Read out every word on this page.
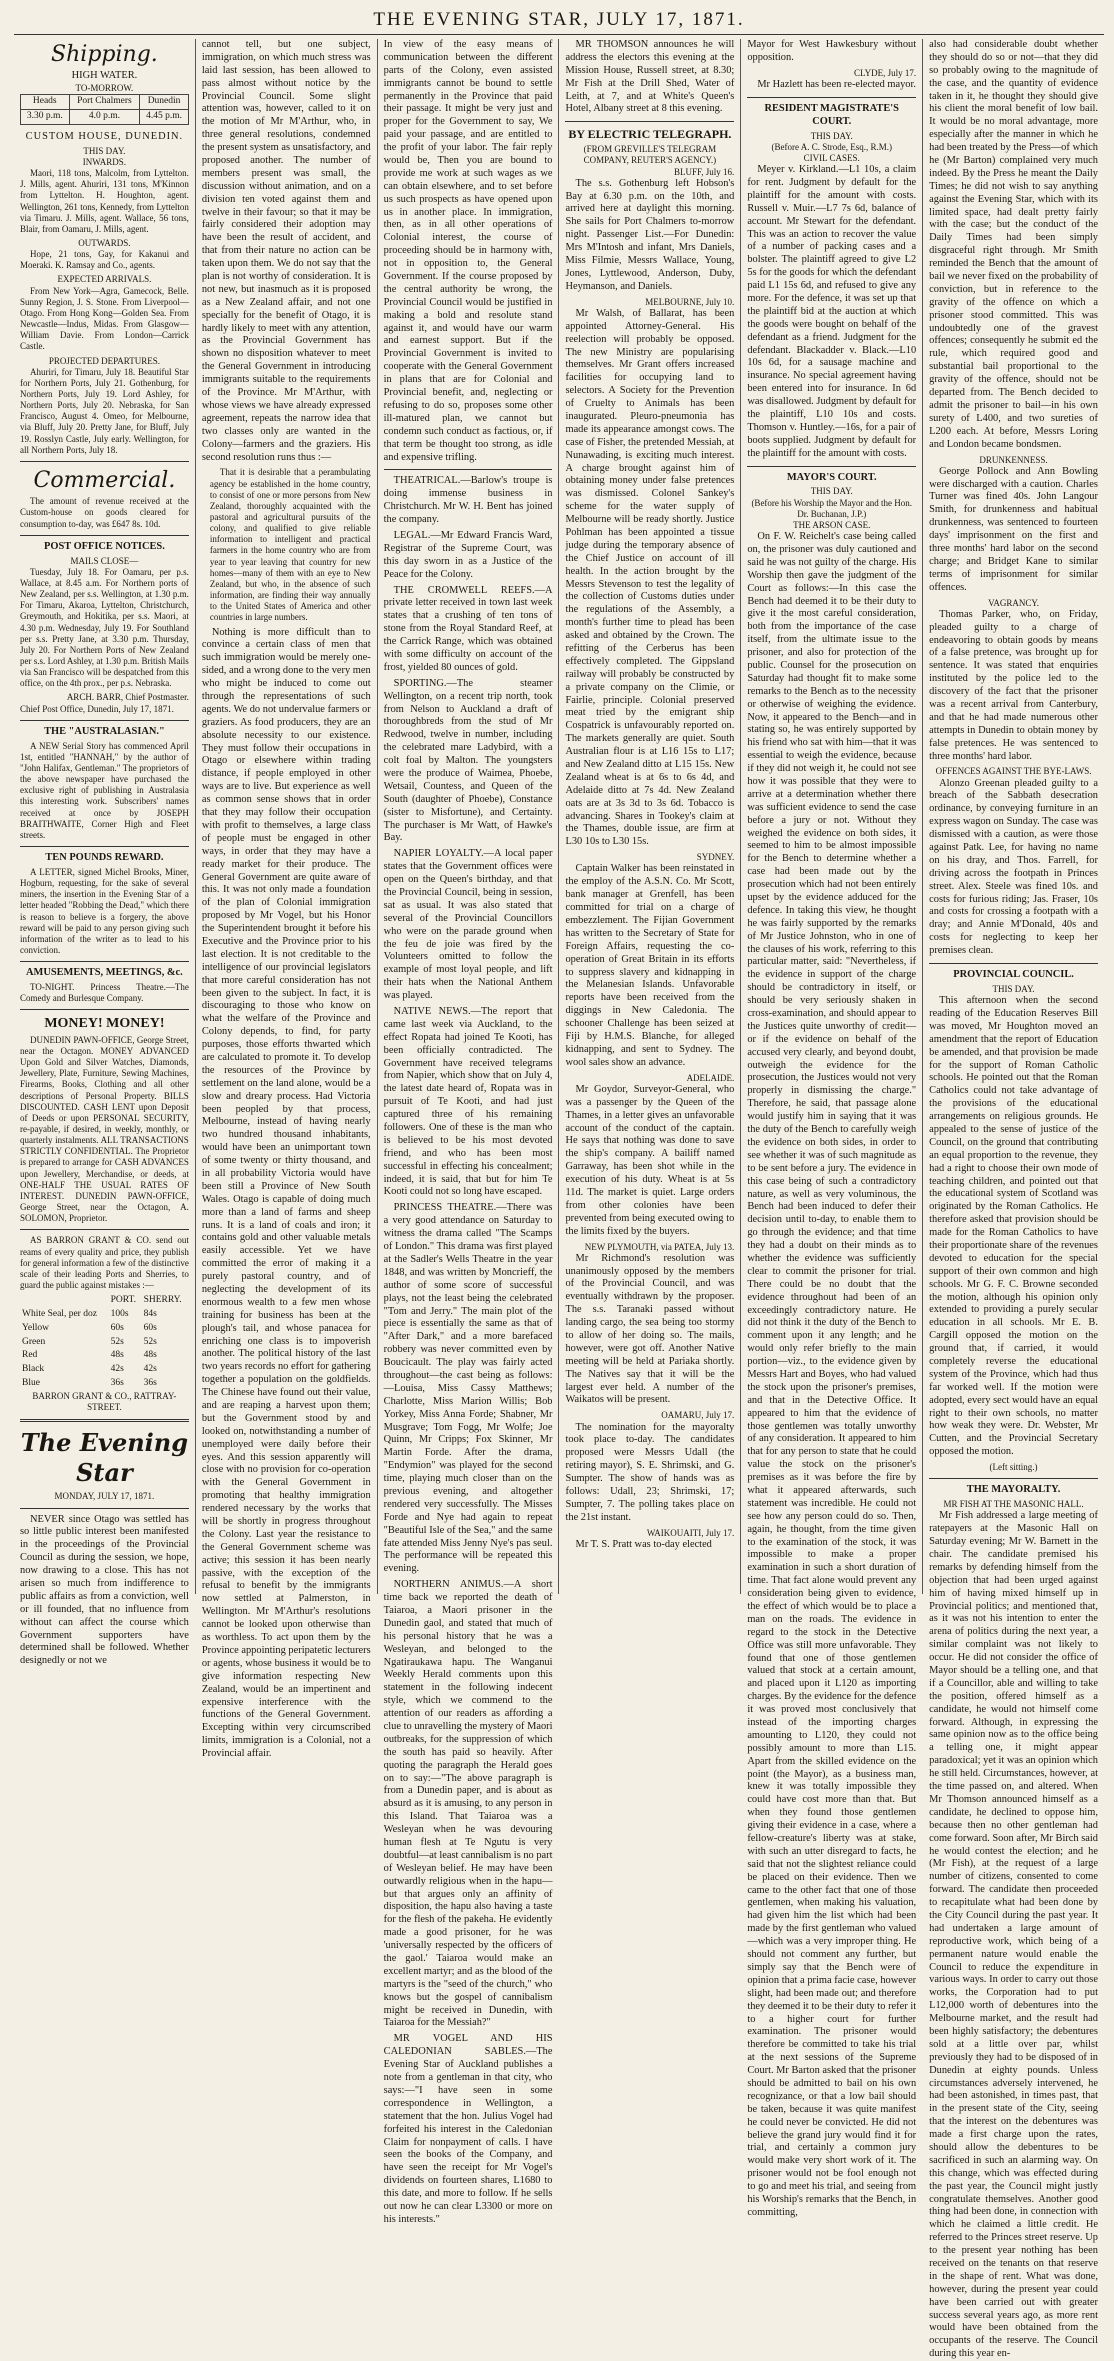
THE EVENING STAR, JULY 17, 1871.
Shipping.
HIGH WATER.
TO-MORROW.
Heads	Port Chalmers	Dunedin
3.30 p.m.	4.0 p.m.	4.45 p.m.
CUSTOM HOUSE, DUNEDIN.
THIS DAY.
INWARDS.

Maori, 118 tons, Malcolm, from Lyttelton. J. Mills, agent. Ahuriri, 131 tons, M'Kinnon from Lyttelton. H. Houghton, agent. Wellington, 261 tons, Kennedy, from Lyttelton via Timaru. J. Mills, agent. Wallace, 56 tons, Blair, from Oamaru, J. Mills, agent.

OUTWARDS.

Hope, 21 tons, Gay, for Kakanui and Moeraki. K. Ramsay and Co., agents.

EXPECTED ARRIVALS.

From New York—Agra, Gamecock, Belle. Sunny Region, J. S. Stone. From Liverpool—Otago. From Hong Kong—Golden Sea. From Newcastle—Indus, Midas. From Glasgow—William Davie. From London—Carrick Castle.

PROJECTED DEPARTURES.

Ahuriri, for Timaru, July 18. Beautiful Star for Northern Ports, July 21. Gothenburg, for Northern Ports, July 19. Lord Ashley, for Northern Ports, July 20. Nebraska, for San Francisco, August 4. Omeo, for Melbourne, via Bluff, July 20. Pretty Jane, for Bluff, July 19. Rosslyn Castle, July early. Wellington, for all Northern Ports, July 18.

Commercial.

The amount of revenue received at the Custom-house on goods cleared for consumption to-day, was £647 8s. 10d.

POST OFFICE NOTICES.
MAILS CLOSE—

Tuesday, July 18. For Oamaru, per p.s. Wallace, at 8.45 a.m. For Northern ports of New Zealand, per s.s. Wellington, at 1.30 p.m. For Timaru, Akaroa, Lyttelton, Christchurch, Greymouth, and Hokitika, per s.s. Maori, at 4.30 p.m. Wednesday, July 19. For Southland per s.s. Pretty Jane, at 3.30 p.m. Thursday, July 20. For Northern Ports of New Zealand per s.s. Lord Ashley, at 1.30 p.m. British Mails via San Francisco will be despatched from this office, on the 4th prox., per p.s. Nebraska.

ARCH. BARR, Chief Postmaster.
Chief Post Office, Dunedin, July 17, 1871.
THE "AUSTRALASIAN."

A NEW Serial Story has commenced April 1st, entitled "HANNAH," by the author of "John Halifax, Gentleman." The proprietors of the above newspaper have purchased the exclusive right of publishing in Australasia this interesting work. Subscribers' names received at once by JOSEPH BRAITHWAITE, Corner High and Fleet streets.

TEN POUNDS REWARD.

A LETTER, signed Michel Brooks, Miner, Hogburn, requesting, for the sake of several miners, the insertion in the Evening Star of a letter headed "Robbing the Dead," which there is reason to believe is a forgery, the above reward will be paid to any person giving such information of the writer as to lead to his conviction.

AMUSEMENTS, MEETINGS, &c.

TO-NIGHT. Princess Theatre.—The Comedy and Burlesque Company.

MONEY! MONEY!

DUNEDIN PAWN-OFFICE, George Street, near the Octagon. MONEY ADVANCED Upon Gold and Silver Watches, Diamonds, Jewellery, Plate, Furniture, Sewing Machines, Firearms, Books, Clothing and all other descriptions of Personal Property. BILLS DISCOUNTED. CASH LENT upon Deposit of Deeds or upon PERSONAL SECURITY, re-payable, if desired, in weekly, monthly, or quarterly instalments. ALL TRANSACTIONS STRICTLY CONFIDENTIAL. The Proprietor is prepared to arrange for CASH ADVANCES upon Jewellery, Merchandise, or deeds, at ONE-HALF THE USUAL RATES OF INTEREST. DUNEDIN PAWN-OFFICE, George Street, near the Octagon, A. SOLOMON, Proprietor.

AS BARRON GRANT & CO. send out reams of every quality and price, they publish for general information a few of the distinctive scale of their leading Ports and Sherries, to guard the public against mistakes :—

	PORT.	SHERRY.
White Seal, per doz	100s	84s
Yellow	60s	60s
Green	52s	52s
Red	48s	48s
Black	42s	42s
Blue	36s	36s
BARRON GRANT & CO., RATTRAY-STREET.
The Evening Star
MONDAY, JULY 17, 1871.

NEVER since Otago was settled has so little public interest been manifested in the proceedings of the Provincial Council as during the session, we hope, now drawing to a close. This has not arisen so much from indifference to public affairs as from a conviction, well or ill founded, that no influence from without can affect the course which Government supporters have determined shall be followed. Whether designedly or not we

cannot tell, but one subject, immigration, on which much stress was laid last session, has been allowed to pass almost without notice by the Provincial Council. Some slight attention was, however, called to it on the motion of Mr M'Arthur, who, in three general resolutions, condemned the present system as unsatisfactory, and proposed another. The number of members present was small, the discussion without animation, and on a division ten voted against them and twelve in their favour; so that it may be fairly considered their adoption may have been the result of accident, and that from their nature no action can be taken upon them. We do not say that the plan is not worthy of consideration. It is not new, but inasmuch as it is proposed as a New Zealand affair, and not one specially for the benefit of Otago, it is hardly likely to meet with any attention, as the Provincial Government has shown no disposition whatever to meet the General Government in introducing immigrants suitable to the requirements of the Province. Mr M'Arthur, with whose views we have already expressed agreement, repeats the narrow idea that two classes only are wanted in the Colony—farmers and the graziers. His second resolution runs thus :—

That it is desirable that a perambulating agency be established in the home country, to consist of one or more persons from New Zealand, thoroughly acquainted with the pastoral and agricultural pursuits of the colony, and qualified to give reliable information to intelligent and practical farmers in the home country who are from year to year leaving that country for new homes—many of them with an eye to New Zealand, but who, in the absence of such information, are finding their way annually to the United States of America and other countries in large numbers.

Nothing is more difficult than to convince a certain class of men that such immigration would be merely one-sided, and a wrong done to the very men who might be induced to come out through the representations of such agents. We do not undervalue farmers or graziers. As food producers, they are an absolute necessity to our existence. They must follow their occupations in Otago or elsewhere within trading distance, if people employed in other ways are to live. But experience as well as common sense shows that in order that they may follow their occupation with profit to themselves, a large class of people must be engaged in other ways, in order that they may have a ready market for their produce. The General Government are quite aware of this. It was not only made a foundation of the plan of Colonial immigration proposed by Mr Vogel, but his Honor the Superintendent brought it before his Executive and the Province prior to his last election. It is not creditable to the intelligence of our provincial legislators that more careful consideration has not been given to the subject. In fact, it is discouraging to those who know on what the welfare of the Province and Colony depends, to find, for party purposes, those efforts thwarted which are calculated to promote it. To develop the resources of the Province by settlement on the land alone, would be a slow and dreary process. Had Victoria been peopled by that process, Melbourne, instead of having nearly two hundred thousand inhabitants, would have been an unimportant town of some twenty or thirty thousand, and in all probability Victoria would have been still a Province of New South Wales. Otago is capable of doing much more than a land of farms and sheep runs. It is a land of coals and iron; it contains gold and other valuable metals easily accessible. Yet we have committed the error of making it a purely pastoral country, and of neglecting the development of its enormous wealth to a few men whose training for business has been at the plough's tail, and whose panacea for enriching one class is to impoverish another. The political history of the last two years records no effort for gathering together a population on the goldfields. The Chinese have found out their value, and are reaping a harvest upon them; but the Government stood by and looked on, notwithstanding a number of unemployed were daily before their eyes. And this session apparently will close with no provision for co-operation with the General Government in promoting that healthy immigration rendered necessary by the works that will be shortly in progress throughout the Colony. Last year the resistance to the General Government scheme was active; this session it has been nearly passive, with the exception of the refusal to benefit by the immigrants now settled at Palmerston, in Wellington. Mr M'Arthur's resolutions cannot be looked upon otherwise than as worthless. To act upon them by the Province appointing peripatetic lecturers or agents, whose business it would be to give information respecting New Zealand, would be an impertinent and expensive interference with the functions of the General Government. Excepting within very circumscribed limits, immigration is a Colonial, not a Provincial affair.

In view of the easy means of communication between the different parts of the Colony, even assisted immigrants cannot be bound to settle permanently in the Province that paid their passage. It might be very just and proper for the Government to say, We paid your passage, and are entitled to the profit of your labor. The fair reply would be, Then you are bound to provide me work at such wages as we can obtain elsewhere, and to set before us such prospects as have opened upon us in another place. In immigration, then, as in all other operations of Colonial interest, the course of proceeding should be in harmony with, not in opposition to, the General Government. If the course proposed by the central authority be wrong, the Provincial Council would be justified in making a bold and resolute stand against it, and would have our warm and earnest support. But if the Provincial Government is invited to cooperate with the General Government in plans that are for Colonial and Provincial benefit, and, neglecting or refusing to do so, proposes some other ill-matured plan, we cannot but condemn such conduct as factious, or, if that term be thought too strong, as idle and expensive trifling.

THEATRICAL.—Barlow's troupe is doing immense business in Christchurch. Mr W. H. Bent has joined the company.

LEGAL.—Mr Edward Francis Ward, Registrar of the Supreme Court, was this day sworn in as a Justice of the Peace for the Colony.

THE CROMWELL REEFS.—A private letter received in town last week states that a crushing of ten tons of stone from the Royal Standard Reef, at the Carrick Range, which was obtained with some difficulty on account of the frost, yielded 80 ounces of gold.

SPORTING.—The steamer Wellington, on a recent trip north, took from Nelson to Auckland a draft of thoroughbreds from the stud of Mr Redwood, twelve in number, including the celebrated mare Ladybird, with a colt foal by Malton. The youngsters were the produce of Waimea, Phoebe, Wetsail, Countess, and Queen of the South (daughter of Phoebe), Constance (sister to Misfortune), and Certainty. The purchaser is Mr Watt, of Hawke's Bay.

NAPIER LOYALTY.—A local paper states that the Government offices were open on the Queen's birthday, and that the Provincial Council, being in session, sat as usual. It was also stated that several of the Provincial Councillors who were on the parade ground when the feu de joie was fired by the Volunteers omitted to follow the example of most loyal people, and lift their hats when the National Anthem was played.

NATIVE NEWS.—The report that came last week via Auckland, to the effect Ropata had joined Te Kooti, has been officially contradicted. The Government have received telegrams from Napier, which show that on July 4, the latest date heard of, Ropata was in pursuit of Te Kooti, and had just captured three of his remaining followers. One of these is the man who is believed to be his most devoted friend, and who has been most successful in effecting his concealment; indeed, it is said, that but for him Te Kooti could not so long have escaped.

PRINCESS THEATRE.—There was a very good attendance on Saturday to witness the drama called "The Scamps of London." This drama was first played at the Sadler's Wells Theatre in the year 1848, and was written by Moncrieff, the author of some score of successful plays, not the least being the celebrated "Tom and Jerry." The main plot of the piece is essentially the same as that of "After Dark," and a more barefaced robbery was never committed even by Boucicault. The play was fairly acted throughout—the cast being as follows:—Louisa, Miss Cassy Matthews; Charlotte, Miss Marion Willis; Bob Yorkey, Miss Anna Forde; Shabner, Mr Musgrave; Tom Fogg, Mr Wolfe; Joe Quinn, Mr Cripps; Fox Skinner, Mr Martin Forde. After the drama, "Endymion" was played for the second time, playing much closer than on the previous evening, and altogether rendered very successfully. The Misses Forde and Nye had again to repeat "Beautiful Isle of the Sea," and the same fate attended Miss Jenny Nye's pas seul. The performance will be repeated this evening.

NORTHERN ANIMUS.—A short time back we reported the death of Taiaroa, a Maori prisoner in the Dunedin gaol, and stated that much of his personal history that he was a Wesleyan, and belonged to the Ngatiraukawa hapu. The Wanganui Weekly Herald comments upon this statement in the following indecent style, which we commend to the attention of our readers as affording a clue to unravelling the mystery of Maori outbreaks, for the suppression of which the south has paid so heavily. After quoting the paragraph the Herald goes on to say:—"The above paragraph is from a Dunedin paper, and is about as absurd as it is amusing, to any person in this Island. That Taiaroa was a Wesleyan when he was devouring human flesh at Te Ngutu is very doubtful—at least cannibalism is no part of Wesleyan belief. He may have been outwardly religious when in the hapu—but that argues only an affinity of disposition, the hapu also having a taste for the flesh of the pakeha. He evidently made a good prisoner, for he was 'universally respected by the officers of the gaol.' Taiaroa would make an excellent martyr; and as the blood of the martyrs is the "seed of the church," who knows but the gospel of cannibalism might be received in Dunedin, with Taiaroa for the Messiah?"

MR VOGEL AND HIS CALEDONIAN SABLES.—The Evening Star of Auckland publishes a note from a gentleman in that city, who says:—"I have seen in some correspondence in Wellington, a statement that the hon. Julius Vogel had forfeited his interest in the Caledonian Claim for nonpayment of calls. I have seen the books of the Company, and have seen the receipt for Mr Vogel's dividends on fourteen shares, L1680 to this date, and more to follow. If he sells out now he can clear L3300 or more on his interests."

MR THOMSON announces he will address the electors this evening at the Mission House, Russell street, at 8.30; Mr Fish at the Drill Shed, Water of Leith, at 7, and at White's Queen's Hotel, Albany street at 8 this evening.

BY ELECTRIC TELEGRAPH.
(FROM GREVILLE'S TELEGRAM COMPANY, REUTER'S AGENCY.)
BLUFF, July 16.

The s.s. Gothenburg left Hobson's Bay at 6.30 p.m. on the 10th, and arrived here at daylight this morning. She sails for Port Chalmers to-morrow night. Passenger List.—For Dunedin: Mrs M'Intosh and infant, Mrs Daniels, Miss Filmie, Messrs Wallace, Young, Jones, Lyttlewood, Anderson, Duby, Heymanson, and Daniels.

MELBOURNE, July 10.

Mr Walsh, of Ballarat, has been appointed Attorney-General. His reelection will probably be opposed. The new Ministry are popularising themselves. Mr Grant offers increased facilities for occupying land to selectors. A Society for the Prevention of Cruelty to Animals has been inaugurated. Pleuro-pneumonia has made its appearance amongst cows. The case of Fisher, the pretended Messiah, at Nunawading, is exciting much interest. A charge brought against him of obtaining money under false pretences was dismissed. Colonel Sankey's scheme for the water supply of Melbourne will be ready shortly. Justice Pohlman has been appointed a tissue judge during the temporary absence of the Chief Justice on account of ill health. In the action brought by the Messrs Stevenson to test the legality of the collection of Customs duties under the regulations of the Assembly, a month's further time to plead has been asked and obtained by the Crown. The refitting of the Cerberus has been effectively completed. The Gippsland railway will probably be constructed by a private company on the Climie, or Fairlie, principle. Colonial preserved meat tried by the emigrant ship Cospatrick is unfavourably reported on. The markets generally are quiet. South Australian flour is at L16 15s to L17; and New Zealand ditto at L15 15s. New Zealand wheat is at 6s to 6s 4d, and Adelaide ditto at 7s 4d. New Zealand oats are at 3s 3d to 3s 6d. Tobacco is advancing. Shares in Tookey's claim at the Thames, double issue, are firm at L30 10s to L30 15s.

SYDNEY.

Captain Walker has been reinstated in the employ of the A.S.N. Co. Mr Scott, bank manager at Grenfell, has been committed for trial on a charge of embezzlement. The Fijian Government has written to the Secretary of State for Foreign Affairs, requesting the co-operation of Great Britain in its efforts to suppress slavery and kidnapping in the Melanesian Islands. Unfavorable reports have been received from the diggings in New Caledonia. The schooner Challenge has been seized at Fiji by H.M.S. Blanche, for alleged kidnapping, and sent to Sydney. The wool sales show an advance.

ADELAIDE.

Mr Goydor, Surveyor-General, who was a passenger by the Queen of the Thames, in a letter gives an unfavorable account of the conduct of the captain. He says that nothing was done to save the ship's company. A bailiff named Garraway, has been shot while in the execution of his duty. Wheat is at 5s 11d. The market is quiet. Large orders from other colonies have been prevented from being executed owing to the limits fixed by the buyers.

NEW PLYMOUTH, via PATEA, July 13.

Mr Richmond's resolution was unanimously opposed by the members of the Provincial Council, and was eventually withdrawn by the proposer. The s.s. Taranaki passed without landing cargo, the sea being too stormy to allow of her doing so. The mails, however, were got off. Another Native meeting will be held at Pariaka shortly. The Natives say that it will be the largest ever held. A number of the Waikatos will be present.

OAMARU, July 17.

The nomination for the mayoralty took place to-day. The candidates proposed were Messrs Udall (the retiring mayor), S. E. Shrimski, and G. Sumpter. The show of hands was as follows: Udall, 23; Shrimski, 17; Sumpter, 7. The polling takes place on the 21st instant.

WAIKOUAITI, July 17.

Mr T. S. Pratt was to-day elected

Mayor for West Hawkesbury without opposition.

CLYDE, July 17.

Mr Hazlett has been re-elected mayor.

RESIDENT MAGISTRATE'S COURT.
THIS DAY.
(Before A. C. Strode, Esq., R.M.)
CIVIL CASES.

Meyer v. Kirkland.—L1 10s, a claim for rent. Judgment by default for the plaintiff for the amount with costs. Russell v. Muir.—L7 7s 6d, balance of account. Mr Stewart for the defendant. This was an action to recover the value of a number of packing cases and a bolster. The plaintiff agreed to give L2 5s for the goods for which the defendant paid L1 15s 6d, and refused to give any more. For the defence, it was set up that the plaintiff bid at the auction at which the goods were bought on behalf of the defendant as a friend. Judgment for the defendant. Blackadder v. Black.—L10 10s 6d, for a sausage machine and insurance. No special agreement having been entered into for insurance. In 6d was disallowed. Judgment by default for the plaintiff, L10 10s and costs. Thomson v. Huntley.—16s, for a pair of boots supplied. Judgment by default for the plaintiff for the amount with costs.

MAYOR'S COURT.
THIS DAY.
(Before his Worship the Mayor and the Hon. Dr. Buchanan, J.P.)
THE ARSON CASE.

On F. W. Reichelt's case being called on, the prisoner was duly cautioned and said he was not guilty of the charge. His Worship then gave the judgment of the Court as follows:—In this case the Bench had deemed it to be their duty to give it the most careful consideration, both from the importance of the case itself, from the ultimate issue to the prisoner, and also for protection of the public. Counsel for the prosecution on Saturday had thought fit to make some remarks to the Bench as to the necessity or otherwise of weighing the evidence. Now, it appeared to the Bench—and in stating so, he was entirely supported by his friend who sat with him—that it was essential to weigh the evidence, because if they did not weigh it, he could not see how it was possible that they were to arrive at a determination whether there was sufficient evidence to send the case before a jury or not. Without they weighed the evidence on both sides, it seemed to him to be almost impossible for the Bench to determine whether a case had been made out by the prosecution which had not been entirely upset by the evidence adduced for the defence. In taking this view, he thought he was fairly supported by the remarks of Mr Justice Johnston, who in one of the clauses of his work, referring to this particular matter, said: "Nevertheless, if the evidence in support of the charge should be contradictory in itself, or should be very seriously shaken in cross-examination, and should appear to the Justices quite unworthy of credit—or if the evidence on behalf of the accused very clearly, and beyond doubt, outweigh the evidence for the prosecution, the Justices would not very properly in dismissing the charge." Therefore, he said, that passage alone would justify him in saying that it was the duty of the Bench to carefully weigh the evidence on both sides, in order to see whether it was of such magnitude as to be sent before a jury. The evidence in this case being of such a contradictory nature, as well as very voluminous, the Bench had been induced to defer their decision until to-day, to enable them to go through the evidence; and that time they had a doubt on their minds as to whether the evidence was sufficiently clear to commit the prisoner for trial. There could be no doubt that the evidence throughout had been of an exceedingly contradictory nature. He did not think it the duty of the Bench to comment upon it any length; and he would only refer briefly to the main portion—viz., to the evidence given by Messrs Hart and Boyes, who had valued the stock upon the prisoner's premises, and that in the Detective Office. It appeared to him that the evidence of those gentlemen was totally unworthy of any consideration. It appeared to him that for any person to state that he could value the stock on the prisoner's premises as it was before the fire by what it appeared afterwards, such statement was incredible. He could not see how any person could do so. Then, again, he thought, from the time given to the examination of the stock, it was impossible to make a proper examination in such a short duration of time. That fact alone would prevent any consideration being given to evidence, the effect of which would be to place a man on the roads. The evidence in regard to the stock in the Detective Office was still more unfavorable. They found that one of those gentlemen valued that stock at a certain amount, and placed upon it L120 as importing charges. By the evidence for the defence it was proved most conclusively that instead of the importing charges amounting to L120, they could not possibly amount to more than L15. Apart from the skilled evidence on the point (the Mayor), as a business man, knew it was totally impossible they could have cost more than that. But when they found those gentlemen giving their evidence in a case, where a fellow-creature's liberty was at stake, with such an utter disregard to facts, he said that not the slightest reliance could be placed on their evidence. Then we came to the other fact that one of those gentlemen, when making his valuation, had given him the list which had been made by the first gentleman who valued—which was a very improper thing. He should not comment any further, but simply say that the Bench were of opinion that a prima facie case, however slight, had been made out; and therefore they deemed it to be their duty to refer it to a higher court for further examination. The prisoner would therefore be committed to take his trial at the next sessions of the Supreme Court. Mr Barton asked that the prisoner should be admitted to bail on his own recognizance, or that a low bail should be taken, because it was quite manifest he could never be convicted. He did not believe the grand jury would find it for trial, and certainly a common jury would make very short work of it. The prisoner would not be fool enough not to go and meet his trial, and seeing from his Worship's remarks that the Bench, in committing,

also had considerable doubt whether they should do so or not—that they did so probably owing to the magnitude of the case, and the quantity of evidence taken in it, he thought they should give his client the moral benefit of low bail. It would be no moral advantage, more especially after the manner in which he had been treated by the Press—of which he (Mr Barton) complained very much indeed. By the Press he meant the Daily Times; he did not wish to say anything against the Evening Star, which with its limited space, had dealt pretty fairly with the case; but the conduct of the Daily Times had been simply disgraceful right through. Mr Smith reminded the Bench that the amount of bail we never fixed on the probability of conviction, but in reference to the gravity of the offence on which a prisoner stood committed. This was undoubtedly one of the gravest offences; consequently he submit ed the rule, which required good and substantial bail proportional to the gravity of the offence, should not be departed from. The Bench decided to admit the prisoner to bail—in his own surety of L400, and two sureties of L200 each. At before, Messrs Loring and London became bondsmen.

DRUNKENNESS.

George Pollock and Ann Bowling were discharged with a caution. Charles Turner was fined 40s. John Langour Smith, for drunkenness and habitual drunkenness, was sentenced to fourteen days' imprisonment on the first and three months' hard labor on the second charge; and Bridget Kane to similar terms of imprisonment for similar offences.

VAGRANCY.

Thomas Parker, who, on Friday, pleaded guilty to a charge of endeavoring to obtain goods by means of a false pretence, was brought up for sentence. It was stated that enquiries instituted by the police led to the discovery of the fact that the prisoner was a recent arrival from Canterbury, and that he had made numerous other attempts in Dunedin to obtain money by false pretences. He was sentenced to three months' hard labor.

OFFENCES AGAINST THE BYE-LAWS.

Alonzo Greenan pleaded guilty to a breach of the Sabbath desecration ordinance, by conveying furniture in an express wagon on Sunday. The case was dismissed with a caution, as were those against Patk. Lee, for having no name on his dray, and Thos. Farrell, for driving across the footpath in Princes street. Alex. Steele was fined 10s. and costs for furious riding; Jas. Fraser, 10s and costs for crossing a footpath with a dray; and Annie M'Donald, 40s and costs for neglecting to keep her premises clean.

PROVINCIAL COUNCIL.
THIS DAY.

This afternoon when the second reading of the Education Reserves Bill was moved, Mr Houghton moved an amendment that the report of Education be amended, and that provision be made for the support of Roman Catholic schools. He pointed out that the Roman Catholics could not take advantage of the provisions of the educational arrangements on religious grounds. He appealed to the sense of justice of the Council, on the ground that contributing an equal proportion to the revenue, they had a right to choose their own mode of teaching children, and pointed out that the educational system of Scotland was originated by the Roman Catholics. He therefore asked that provision should be made for the Roman Catholics to have their proportionate share of the revenues devoted to education for the special support of their own common and high schools. Mr G. F. C. Browne seconded the motion, although his opinion only extended to providing a purely secular education in all schools. Mr E. B. Cargill opposed the motion on the ground that, if carried, it would completely reverse the educational system of the Province, which had thus far worked well. If the motion were adopted, every sect would have an equal right to their own schools, no matter how weak they were. Dr. Webster, Mr Cutten, and the Provincial Secretary opposed the motion.

(Left sitting.)
THE MAYORALTY.
MR FISH AT THE MASONIC HALL.

Mr Fish addressed a large meeting of ratepayers at the Masonic Hall on Saturday evening; Mr W. Barnett in the chair. The candidate premised his remarks by defending himself from the objection that had been urged against him of having mixed himself up in Provincial politics; and mentioned that, as it was not his intention to enter the arena of politics during the next year, a similar complaint was not likely to occur. He did not consider the office of Mayor should be a telling one, and that if a Councillor, able and willing to take the position, offered himself as a candidate, he would not himself come forward. Although, in expressing the same opinion now as to the office being a telling one, it might appear paradoxical; yet it was an opinion which he still held. Circumstances, however, at the time passed on, and altered. When Mr Thomson announced himself as a candidate, he declined to oppose him, because then no other gentleman had come forward. Soon after, Mr Birch said he would contest the election; and he (Mr Fish), at the request of a large number of citizens, consented to come forward. The candidate then proceeded to recapitulate what had been done by the City Council during the past year. It had undertaken a large amount of reproductive work, which being of a permanent nature would enable the Council to reduce the expenditure in various ways. In order to carry out those works, the Corporation had to put L12,000 worth of debentures into the Melbourne market, and the result had been highly satisfactory; the debentures sold at a little over par, whilst previously they had to be disposed of in Dunedin at eighty pounds. Unless circumstances adversely intervened, he had been astonished, in times past, that in the present state of the City, seeing that the interest on the debentures was made a first charge upon the rates, should allow the debentures to be sacrificed in such an alarming way. On this change, which was effected during the past year, the Council might justly congratulate themselves. Another good thing had been done, in connection with which he claimed a little credit. He referred to the Princes street reserve. Up to the present year nothing has been received on the tenants on that reserve in the shape of rent. What was done, however, during the present year could have been carried out with greater success several years ago, as more rent would have been obtained from the occupants of the reserve. The Council during this year en-
